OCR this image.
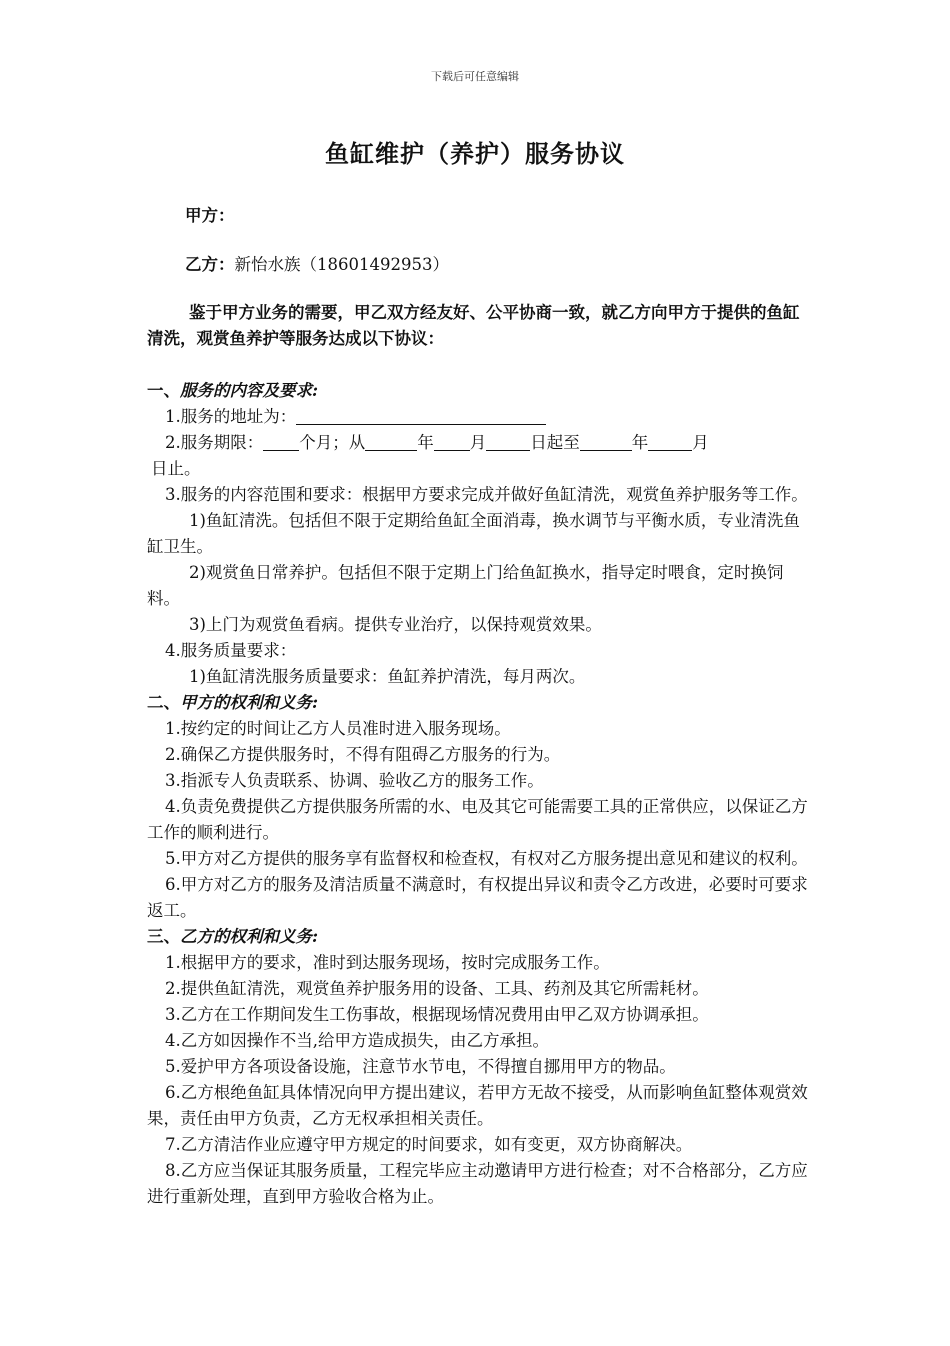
下载后可任意编辑
鱼缸维护（养护）服务协议
甲方：
乙方：新怡水族（18601492953）

鉴于甲方业务的需要，甲乙双方经友好、公平协商一致，就乙方向甲方于提供的鱼缸清洗，观赏鱼养护等服务达成以下协议：

一、服务的内容及要求:

1.服务的地址为：

2.服务期限： 个月；从	年 月	日起至	年	月
日止。

3.服务的内容范围和要求：根据甲方要求完成并做好鱼缸清洗，观赏鱼养护服务等工作。

1)鱼缸清洗。包括但不限于定期给鱼缸全面消毒，换水调节与平衡水质，专业清洗鱼缸卫生。

2)观赏鱼日常养护。包括但不限于定期上门给鱼缸换水，指导定时喂食，定时换饲料。

3)上门为观赏鱼看病。提供专业治疗，以保持观赏效果。

4.服务质量要求：

1)鱼缸清洗服务质量要求：鱼缸养护清洗，每月两次。

二、甲方的权利和义务:

1.按约定的时间让乙方人员准时进入服务现场。

2.确保乙方提供服务时，不得有阻碍乙方服务的行为。

3.指派专人负责联系、协调、验收乙方的服务工作。

4.负责免费提供乙方提供服务所需的水、电及其它可能需要工具的正常供应，以保证乙方工作的顺利进行。

5.甲方对乙方提供的服务享有监督权和检查权，有权对乙方服务提出意见和建议的权利。

6.甲方对乙方的服务及清洁质量不满意时，有权提出异议和责令乙方改进，必要时可要求返工。

三、乙方的权利和义务:

1.根据甲方的要求，准时到达服务现场，按时完成服务工作。

2.提供鱼缸清洗，观赏鱼养护服务用的设备、工具、药剂及其它所需耗材。

3.乙方在工作期间发生工伤事故，根据现场情况费用由甲乙双方协调承担。

4.乙方如因操作不当,给甲方造成损失，由乙方承担。

5.爱护甲方各项设备设施，注意节水节电，不得擅自挪用甲方的物品。

6.乙方根绝鱼缸具体情况向甲方提出建议，若甲方无故不接受，从而影响鱼缸整体观赏效果，责任由甲方负责，乙方无权承担相关责任。

7.乙方清洁作业应遵守甲方规定的时间要求，如有变更，双方协商解决。

8.乙方应当保证其服务质量，工程完毕应主动邀请甲方进行检查；对不合格部分，乙方应进行重新处理，直到甲方验收合格为止。
